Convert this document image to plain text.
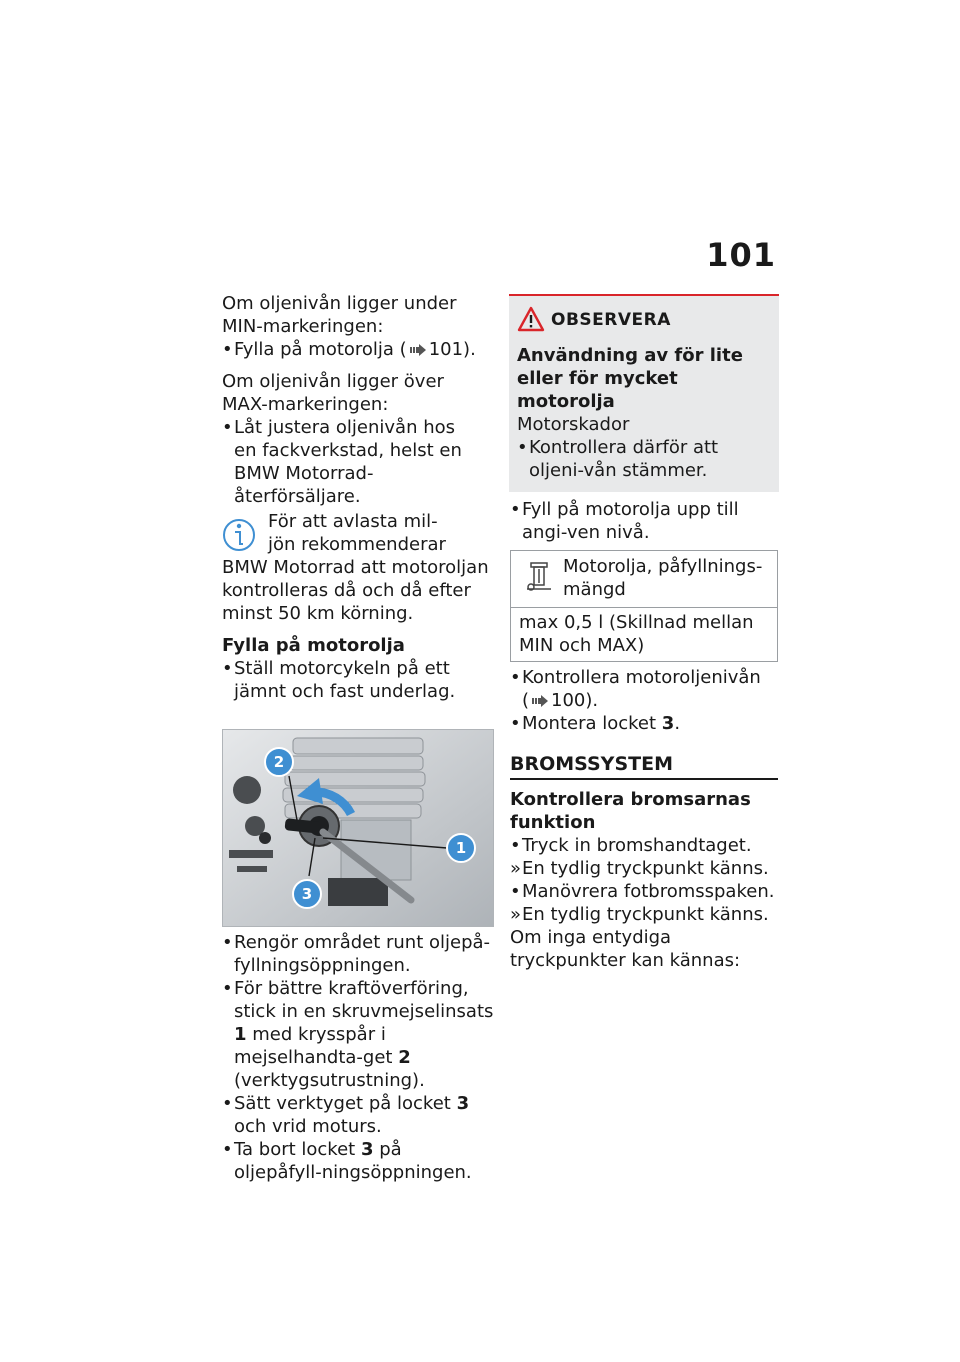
101

Om oljenivån ligger under MIN-markeringen:

• Fylla på motorolja ( 101).

Om oljenivån ligger över MAX-markeringen:

• Låt justera oljenivån hos
en fackverkstad, helst en
BMW Motorrad-återförsäljare.

För att avlasta mil-

jön rekommenderar

BMW Motorrad att motoroljan kontrolleras då och då efter minst 50 km körning.

Fylla på motorolja
• Ställ motorcykeln på ett jämnt och fast underlag.
1
2
3
• Rengör området runt oljepå-fyllningsöppningen.
• För bättre kraftöverföring, stick in en skruvmejselinsats 1 med krysspår i mejselhandta-get 2 (verktygsutrustning).
• Sätt verktyget på locket 3 och vrid moturs.
• Ta bort locket 3 på oljepåfyll-ningsöppningen.
OBSERVERA
Användning av för lite eller för mycket motorolja

Motorskador

• Kontrollera därför att oljeni-vån stämmer.
• Fyll på motorolja upp till angi-ven nivå.

Motorolja, påfyllnings-mängd

max 0,5 l (Skillnad mellan MIN och MAX)

• Kontrollera motoroljenivån
( 100).
• Montera locket 3.
BROMSSYSTEM
Kontrollera bromsarnas funktion
• Tryck in bromshandtaget.
» En tydlig tryckpunkt känns.
• Manövrera fotbromsspaken.
» En tydlig tryckpunkt känns.

Om inga entydiga tryckpunkter kan kännas:
